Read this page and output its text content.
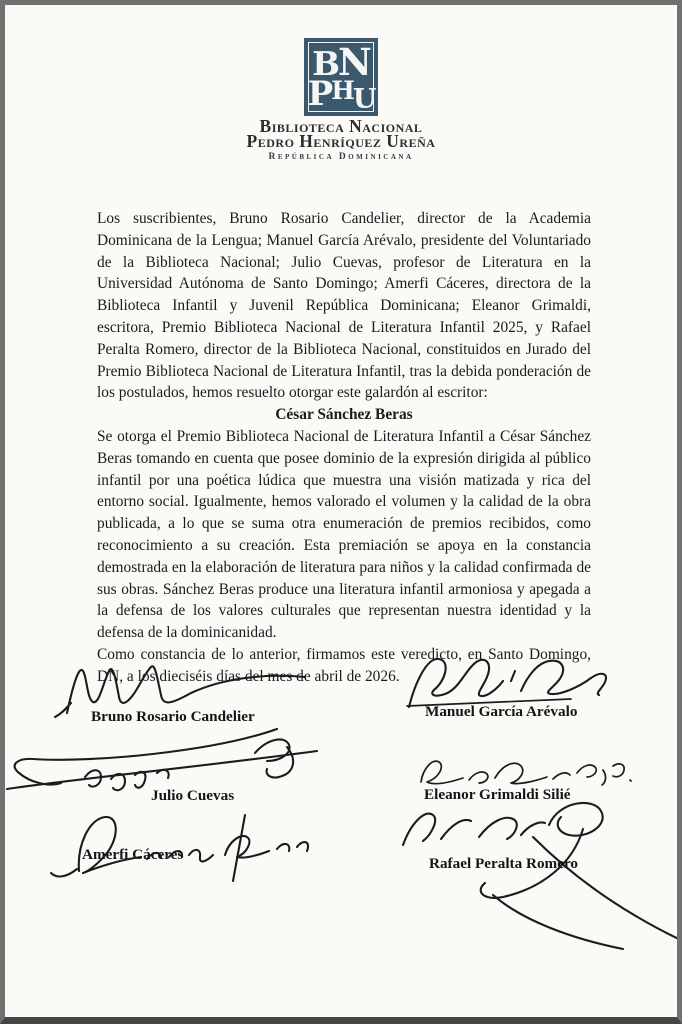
B N
P H U
Biblioteca Nacional
Pedro Henríquez Ureña
República Dominicana

Los suscribientes, Bruno Rosario Candelier, director de la Academia Dominicana de la Lengua; Manuel García Arévalo, presidente del Voluntariado de la Biblioteca Nacional; Julio Cuevas, profesor de Literatura en la Universidad Autónoma de Santo Domingo; Amerfi Cáceres, directora de la Biblioteca Infantil y Juvenil República Dominicana; Eleanor Grimaldi, escritora, Premio Biblioteca Nacional de Literatura Infantil 2025, y Rafael Peralta Romero, director de la Biblioteca Nacional, constituidos en Jurado del Premio Biblioteca Nacional de Literatura Infantil, tras la debida ponderación de los postulados, hemos resuelto otorgar este galardón al escritor:

César Sánchez Beras

Se otorga el Premio Biblioteca Nacional de Literatura Infantil a César Sánchez Beras tomando en cuenta que posee dominio de la expresión dirigida al público infantil por una poética lúdica que muestra una visión matizada y rica del entorno social. Igualmente, hemos valorado el volumen y la calidad de la obra publicada, a lo que se suma otra enumeración de premios recibidos, como reconocimiento a su creación. Esta premiación se apoya en la constancia demostrada en la elaboración de literatura para niños y la calidad confirmada de sus obras. Sánchez Beras produce una literatura infantil armoniosa y apegada a la defensa de los valores culturales que representan nuestra identidad y la defensa de la dominicanidad.

Como constancia de lo anterior, firmamos este veredicto, en Santo Domingo, DN, a los dieciséis días del mes de abril de 2026.

Bruno Rosario Candelier	Manuel García Arévalo
Julio Cuevas	Eleanor Grimaldi Silié
Amerfi Cáceres
Rafael Peralta Romero
